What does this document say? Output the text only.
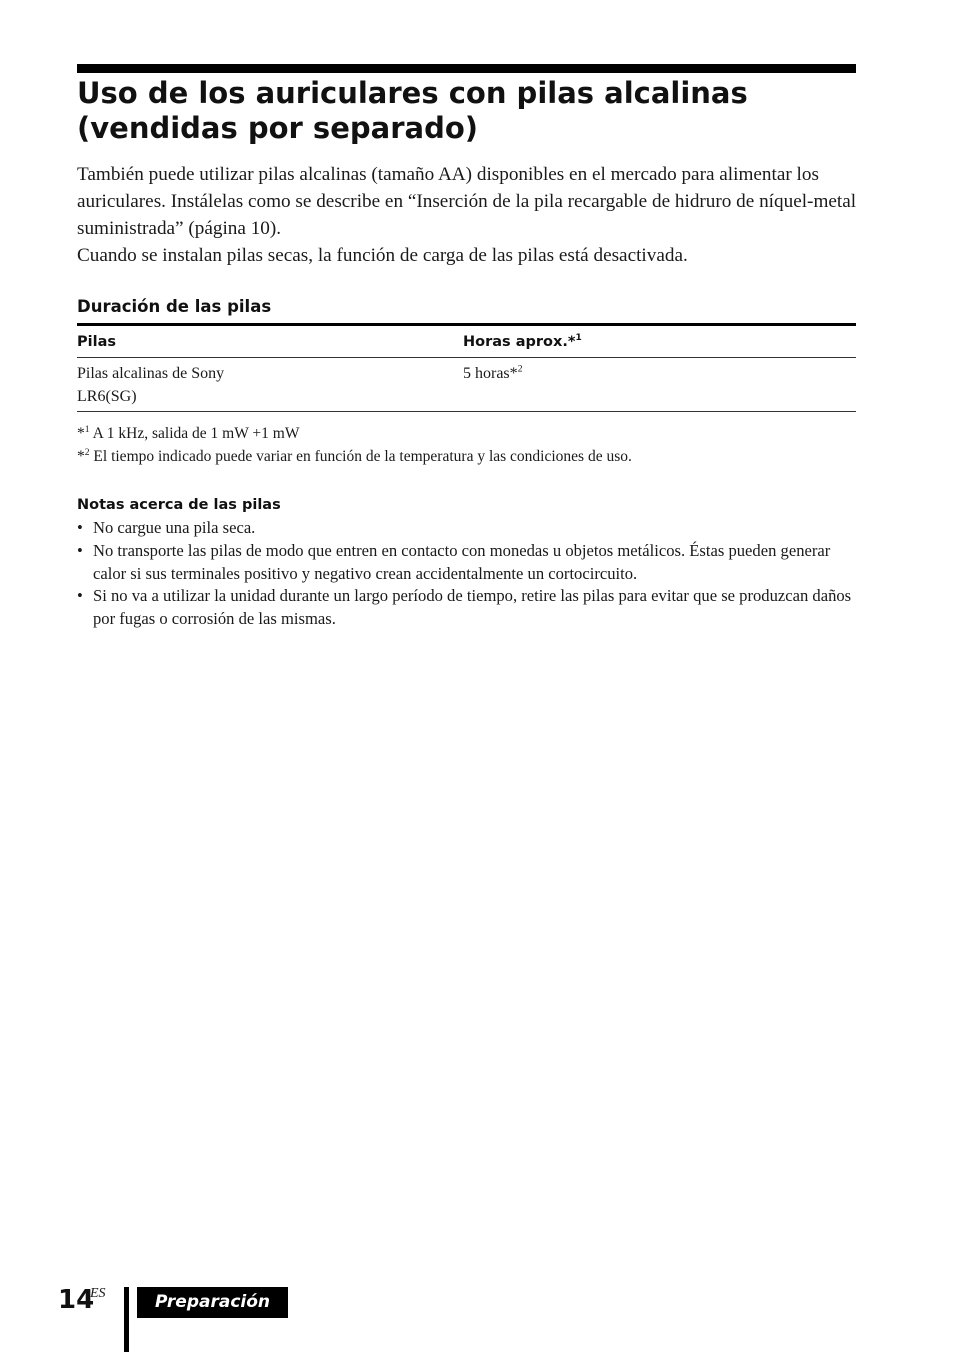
Uso de los auriculares con pilas alcalinas (vendidas por separado)

También puede utilizar pilas alcalinas (tamaño AA) disponibles en el mercado para alimentar los auriculares. Instálelas como se describe en “Inserción de la pila recargable de hidruro de níquel-metal suministrada” (página 10).

Cuando se instalan pilas secas, la función de carga de las pilas está desactivada.

Duración de las pilas
Pilas	Horas aprox.*$^1$
Pilas alcalinas de Sony
LR6(SG)
5 horas*$^2$
*$^1$ A 1 kHz, salida de 1 mW +1 mW
*$^2$ El tiempo indicado puede variar en función de la temperatura y las condiciones de uso.
Notas acerca de las pilas
• No cargue una pila seca.
• No transporte las pilas de modo que entren en contacto con monedas u objetos metálicos. Éstas pueden generar calor si sus terminales positivo y negativo crean accidentalmente un cortocircuito.
• Si no va a utilizar la unidad durante un largo período de tiempo, retire las pilas para evitar que se produzcan daños por fugas o corrosión de las mismas.
14
ES	Preparación
